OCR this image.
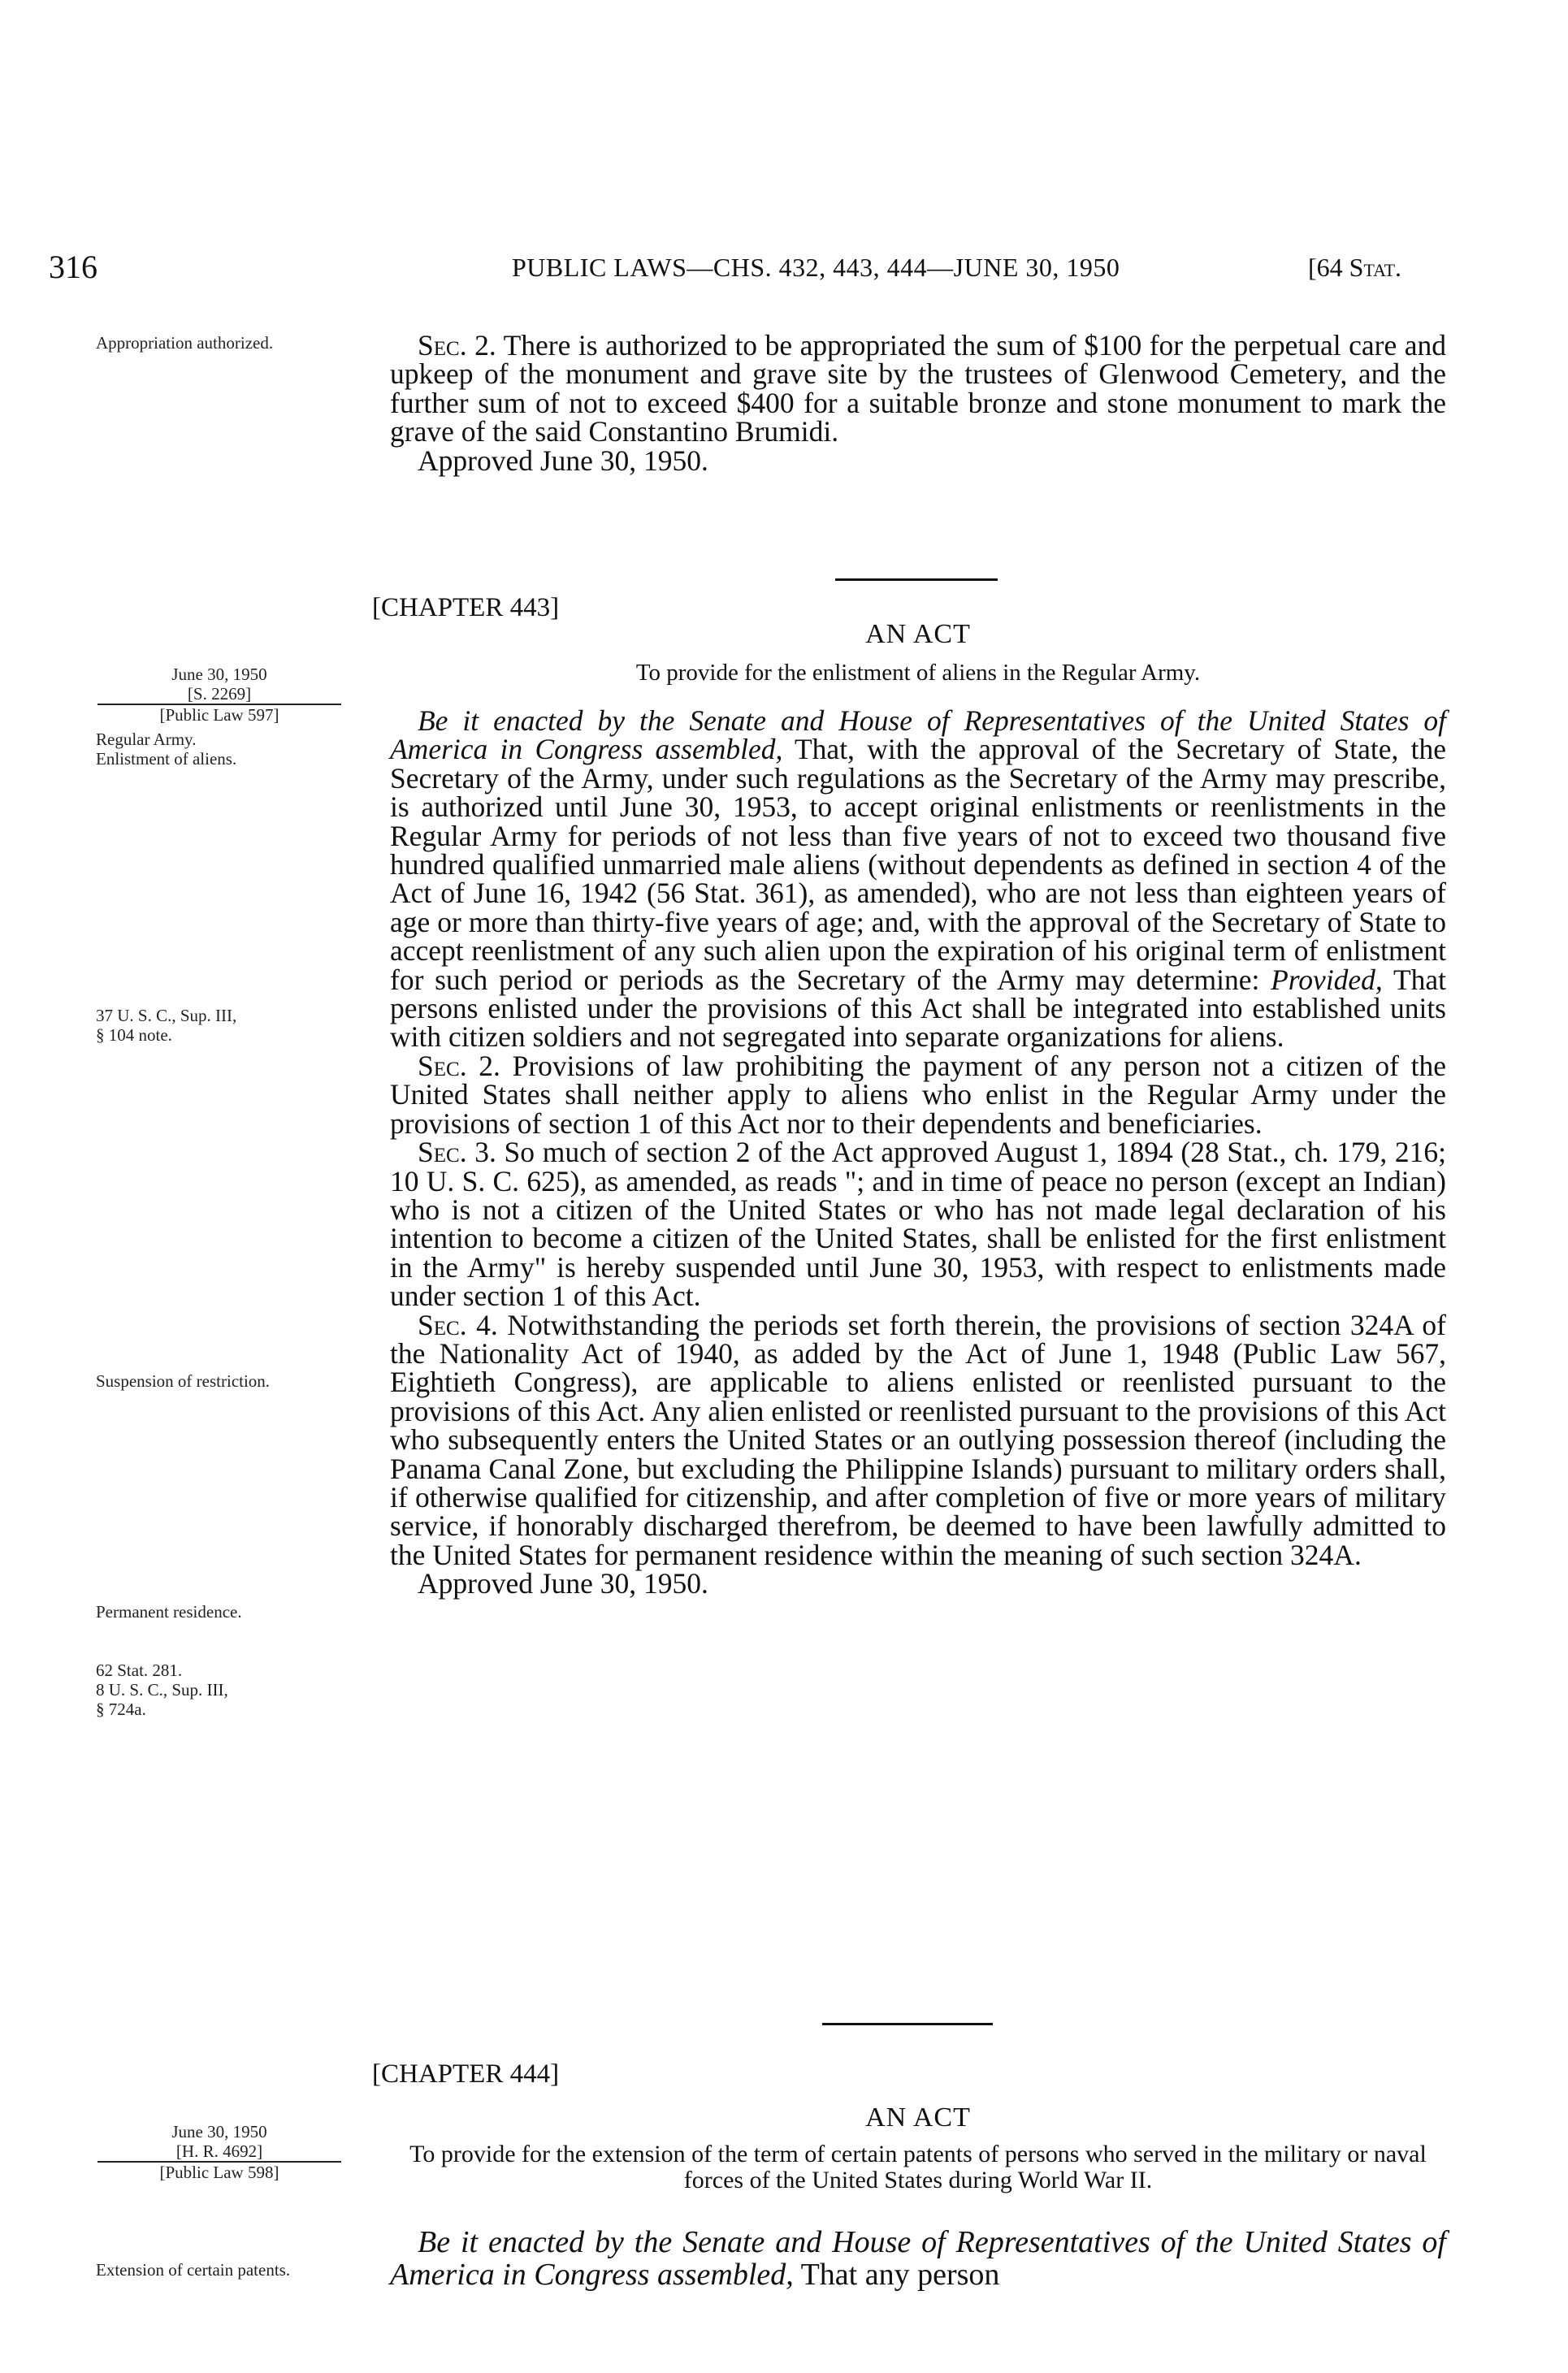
316	PUBLIC LAWS—CHS. 432, 443, 444—JUNE 30, 1950	[64 Stat.
Appropriation authorized.
June 30, 1950
[S. 2269]
[Public Law 597]
Regular Army.
Enlistment of aliens.
37 U. S. C., Sup. III,
§ 104 note.
Suspension of restriction.
Permanent residence.
62 Stat. 281.
8 U. S. C., Sup. III,
§ 724a.
June 30, 1950
[H. R. 4692]
[Public Law 598]
Extension of certain patents.

Sec. 2. There is authorized to be appropriated the sum of $100 for the perpetual care and upkeep of the monument and grave site by the trustees of Glenwood Cemetery, and the further sum of not to exceed $400 for a suitable bronze and stone monument to mark the grave of the said Constantino Brumidi.

Approved June 30, 1950.

[CHAPTER 443]
AN ACT
To provide for the enlistment of aliens in the Regular Army.

Be it enacted by the Senate and House of Representatives of the United States of America in Congress assembled, That, with the approval of the Secretary of State, the Secretary of the Army, under such regulations as the Secretary of the Army may prescribe, is authorized until June 30, 1953, to accept original enlistments or reenlistments in the Regular Army for periods of not less than five years of not to exceed two thousand five hundred qualified unmarried male aliens (without dependents as defined in section 4 of the Act of June 16, 1942 (56 Stat. 361), as amended), who are not less than eighteen years of age or more than thirty-five years of age; and, with the approval of the Secretary of State to accept reenlistment of any such alien upon the expiration of his original term of enlistment for such period or periods as the Secretary of the Army may determine: Provided, That persons enlisted under the provisions of this Act shall be integrated into established units with citizen soldiers and not segregated into separate organizations for aliens.

Sec. 2. Provisions of law prohibiting the payment of any person not a citizen of the United States shall neither apply to aliens who enlist in the Regular Army under the provisions of section 1 of this Act nor to their dependents and beneficiaries.

Sec. 3. So much of section 2 of the Act approved August 1, 1894 (28 Stat., ch. 179, 216; 10 U. S. C. 625), as amended, as reads "; and in time of peace no person (except an Indian) who is not a citizen of the United States or who has not made legal declaration of his intention to become a citizen of the United States, shall be enlisted for the first enlistment in the Army" is hereby suspended until June 30, 1953, with respect to enlistments made under section 1 of this Act.

Sec. 4. Notwithstanding the periods set forth therein, the provisions of section 324A of the Nationality Act of 1940, as added by the Act of June 1, 1948 (Public Law 567, Eightieth Congress), are applicable to aliens enlisted or reenlisted pursuant to the provisions of this Act. Any alien enlisted or reenlisted pursuant to the provisions of this Act who subsequently enters the United States or an outlying possession thereof (including the Panama Canal Zone, but excluding the Philippine Islands) pursuant to military orders shall, if otherwise qualified for citizenship, and after completion of five or more years of military service, if honorably discharged therefrom, be deemed to have been lawfully admitted to the United States for permanent residence within the meaning of such section 324A.

Approved June 30, 1950.

[CHAPTER 444]
AN ACT
To provide for the extension of the term of certain patents of persons who served in the military or naval forces of the United States during World War II.

Be it enacted by the Senate and House of Representatives of the United States of America in Congress assembled, That any person
